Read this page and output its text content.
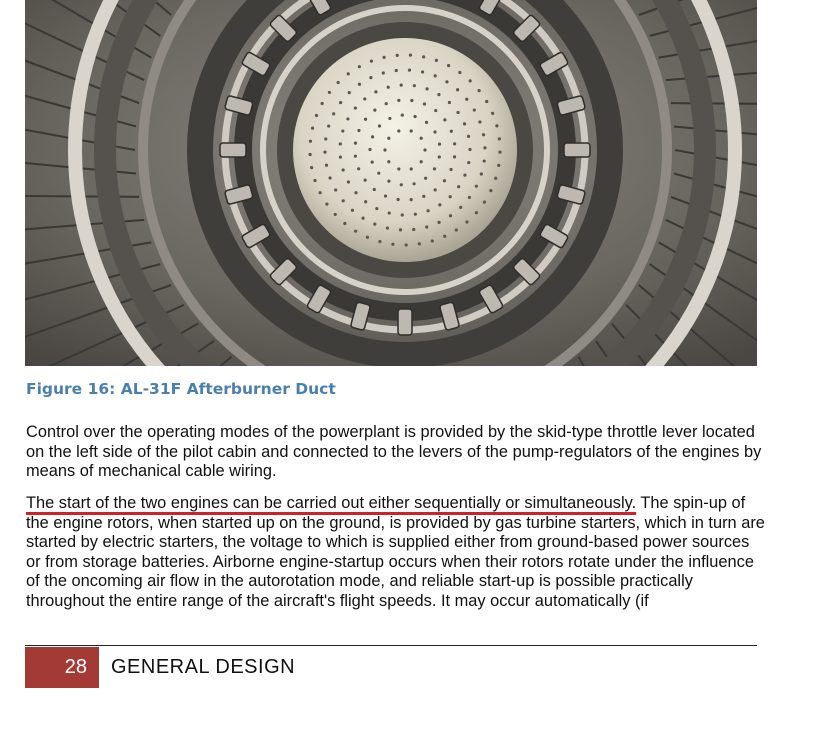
Figure 16: AL-31F Afterburner Duct

Control over the operating modes of the powerplant is provided by the skid-type throttle lever located on the left side of the pilot cabin and connected to the levers of the pump-regulators of the engines by means of mechanical cable wiring.

The start of the two engines can be carried out either sequentially or simultaneously. The spin-up of the engine rotors, when started up on the ground, is provided by gas turbine starters, which in turn are started by electric starters, the voltage to which is supplied either from ground-based power sources or from storage batteries. Airborne engine-startup occurs when their rotors rotate under the influence of the oncoming air flow in the autorotation mode, and reliable start-up is possible practically throughout the entire range of the aircraft's flight speeds. It may occur automatically (if

28	GENERAL DESIGN
